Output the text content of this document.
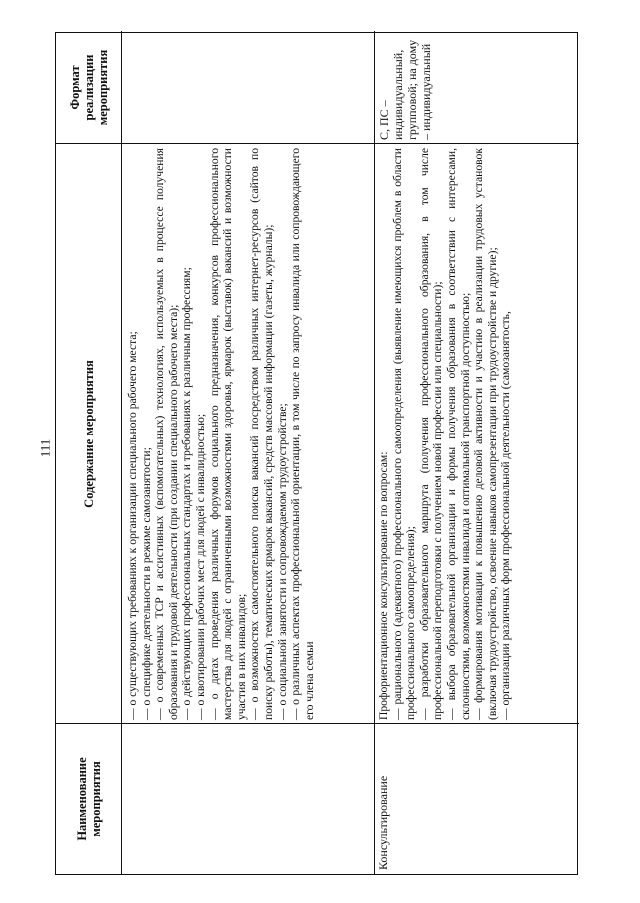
111
Наименование мероприятия
Содержание мероприятия
Формат реализации мероприятия

— о существующих требованиях к организации специального рабочего места; — о специфике деятельности в режиме самозанятости; — о современных ТСР и ассистивных (вспомогательных) технологиях, используемых в процессе получения образования и трудовой деятельности (при создании специального рабочего места); — о действующих профессиональных стандартах и требованиях к различным профессиям; — о квотировании рабочих мест для людей с инвалидностью; — о датах проведения различных форумов социального предназначения, конкурсов профессионального мастерства для людей с ограниченными возможностями здоровья, ярмарок (выставок) вакансий и возможности участия в них инвалидов; — о возможностях самостоятельного поиска вакансий посредством различных интернет-ресурсов (сайтов по поиску работы), тематических ярмарок вакансий, средств массовой информации (газеты, журналы); — о социальной занятости и сопровождаемом трудоустройстве; — о различных аспектах профессиональной ориентации, в том числе по запросу инвалида или сопровождающего его члена семьи

Консультирование

Профориентационное консультирование по вопросам: — рационального (адекватного) профессионального самоопределения (выявление имеющихся проблем в области профессионального самоопределения); — разработки образовательного маршрута (получения профессионального образования, в том числе профессиональной переподготовки с получением новой профессии или специальности); — выбора образовательной организации и формы получения образования в соответствии с интересами, склонностями, возможностями инвалида и оптимальной транспортной доступностью; — формирования мотивации к повышению деловой активности и участию в реализации трудовых установок (включая трудоустройство, освоение навыков самопрезентации при трудоустройстве и другие); — организации различных форм профессиональной деятельности (самозанятость,

С, ПС – индивидуальный, групповой; на дому – индивидуальный
